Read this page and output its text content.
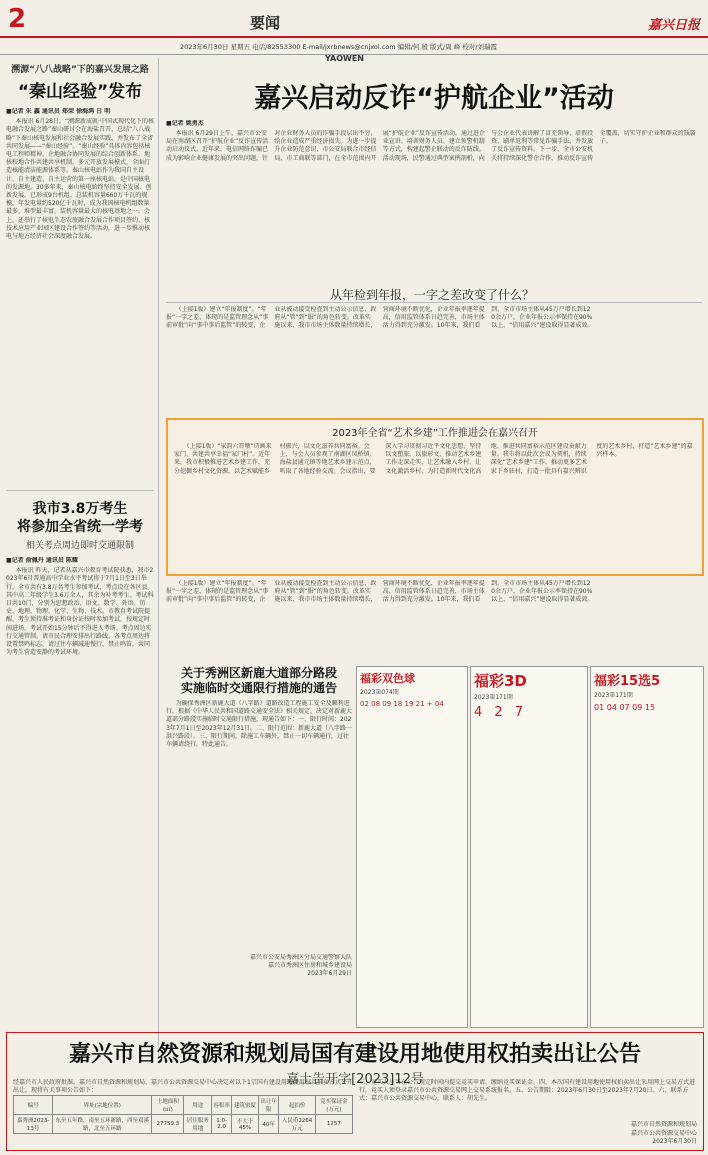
2	要闻	嘉兴日报
2023年6月30日 星期五 电话/82553300 E-mail/jxrbnews@cnjxol.com 编辑/何 殷 版式/周 峰 校对/刘瑞霞
YAOWEN
溯源“八八战略”下的嘉兴发展之路
“秦山经验”发布
■记者 朱 鑫 通讯员 郑荣 徐海鸿 日 明

本报讯 6月28日，“溯源新成就·中国式现代化下的核电融合发展之路”秦山研讨会在海盐召开，总结“八八战略”下秦山核电发展和社会融合发展实践，并发布了全省共同发展——“秦山经验”。“秦山经验”具体内容包括核电工程师精神、企地融合协同发展的综合创新体系，地核校地合作共建共享机制，多元开放发展模式，全面打造核能清洁能源体系等。秦山核电站作为我国自主设计、自主建造、自主运营的第一座核电站，是中国核电的发源地。30多年来，秦山核电始终坚持安全发展、创新发展，已形成9台机组、总装机容量660万千瓦的规模，年发电量约520亿千瓦时，成为我国核电机组数量最多、堆型最丰富、装机容量最大的核电基地之一。会上，还举行了核电生态农旅融合发展合作项目签约、核技术应用产业园区建设合作签约等活动，进一步推动核电与地方经济社会深度融合发展。

我市3.8万考生
将参加全省统一学考
相关考点周边即时交通限制
■记者 俞佩丹 通讯员 陈耀

本报讯 昨天，记者从嘉兴市教育考试院获悉，我市2023年6月普通高中学业水平考试将于7月1日至3日举行，全市共有3.8万名考生参加考试，考点设在各区县。其中高二年级学生3.6万余人，其余为补考考生。考试科目共10门，分别为思想政治、语文、数学、外语、历史、地理、物理、化学、生物、技术。市教育考试院提醒，考生须持准考证和身份证按时参加考试，按规定时间进场，考试开始15分钟后不得进入考场。考点周边实行交通管制，请市民合理安排出行路线。各考点周边将设置禁鸣标志，请过往车辆减速慢行、禁止鸣笛，共同为考生营造安静的考试环境。

嘉兴启动反诈“护航企业”活动
■记者 姚勇杰

本报讯 6月29日上午，嘉兴市公安局在南湖区召开“护航企业”反诈宣传活动启动仪式。近年来，电信网络诈骗已成为影响企业健康发展的突出问题，针对企业财务人员的诈骗手段层出不穷，给企业造成严重经济损失。为进一步提升企业防范意识，市公安局联合市经信局、市工商联等部门，在全市范围内开展“护航企业”反诈宣传活动，通过进企业宣讲、培训财务人员、建立预警机制等方式，构建起警企联动的反诈防线。活动现场，民警通过典型案例剖析，向与会企业代表讲解了冒充领导、虚假投资、刷单返利等常见诈骗手法，并发放了反诈宣传资料。下一步，全市公安机关将持续深化警企合作，推动反诈宣传全覆盖，切实守护企业和群众的钱袋子。

从年检到年报，一字之差改变了什么？

（上接1版）建立“年报制度”。“年报”一字之差，体现的是监管理念从“事前审批”向“事中事后监管”的转变，企业从被动接受检查到主动公示信息，政府从“管”到“服”的角色转变。改革实施以来，我市市场主体数量持续增长，营商环境不断优化，企业年报率逐年提高，信用监管体系日趋完善，市场主体活力得到充分激发。10年来，我们看到，全市市场主体从45万户增长到120余万户，企业年报公示率保持在90%以上，“信用嘉兴”建设取得显著成效。

2023年全省“艺术乡建”工作推进会在嘉兴召开

（上接1版）“家韵六晋墩”诗画来家门、共建共享幸福“家门村”。近年来，我市积极推进艺术乡建工作，充分挖掘乡村文化资源，以艺术赋能乡村振兴，以文化滋养共同富裕。会上，与会人员参观了南湖区凤桥镇、海盐县通元镇等地艺术乡建示范点，听取了各地经验交流。会议指出，要深入学习贯彻习近平文化思想，坚持以文塑旅、以旅彰文，推动艺术乡建工作走深走实，让艺术融入乡村、让文化激活乡村，为打造新时代文化高地、推进共同富裕示范区建设贡献力量。我市将以此次会议为契机，持续深化“艺术乡建”工作，推动更多艺术家下乡驻村，打造一批具有嘉兴辨识度的艺术乡村，打造“艺术乡建”的嘉兴样本。

（上接1版）建立“年报制度”。“年报”一字之差，体现的是监管理念从“事前审批”向“事中事后监管”的转变，企业从被动接受检查到主动公示信息，政府从“管”到“服”的角色转变。改革实施以来，我市市场主体数量持续增长，营商环境不断优化，企业年报率逐年提高，信用监管体系日趋完善，市场主体活力得到充分激发。10年来，我们看到，全市市场主体从45万户增长到120余万户，企业年报公示率保持在90%以上，“信用嘉兴”建设取得显著成效。

关于秀洲区新鹿大道部分路段
实施临时交通限行措施的通告

为确保秀洲区新鹿大道（八字路）道路改造工程施工安全及顺利进行，根据《中华人民共和国道路交通安全法》相关规定，决定对新鹿大道部分路段实施临时交通限行措施，现通告如下：一、限行时间：2023年7月1日至2023年12月31日。二、限行范围：新鹿大道（八字路一洪兴路段）。三、限行期间，除施工车辆外，禁止一切车辆通行，过往车辆请绕行。特此通告。

嘉兴市公安局秀洲区分局交通警察大队
嘉兴市秀洲区住房和城乡建设局
2023年6月29日
福彩双色球
2023第074期
02 08 09 18 19 21 + 04
福彩3D
2023第171期
4 2 7
福彩15选5
2023第171期
01 04 07 09 15
嘉兴市自然资源和规划局国有建设用地使用权拍卖出让公告
嘉土告开字[2023]12号
经嘉兴市人民政府批准，嘉兴市自然资源和规划局、嘉兴市公共资源交易中心决定对以下1宗国有建设用地使用权以拍卖方式公开出让。现将有关事项公告如下：
编号	界址(宗地位置)	土地面积(㎡)	用途	容积率	建筑密度	出让年限	起拍价	竞买保证金(万元)
嘉秀洲2023-13号	东至五年路，南至五环新路，西至双溪路，北至五环路	27759.3	居住服务用地	1.0-2.0	不大于45%	40年	人民币2264万元	1257
三、竞买人应当在公告规定时间内提交竞买申请，缴纳竞买保证金。四、本次国有建设用地使用权拍卖出让采用网上交易方式进行，竞买人须登录嘉兴市公共资源交易网上交易系统报名。五、公告期限：2023年6月30日至2023年7月20日。六、联系方式：嘉兴市公共资源交易中心，联系人：胡先生。
嘉兴市自然资源和规划局
嘉兴市公共资源交易中心
2023年6月30日
